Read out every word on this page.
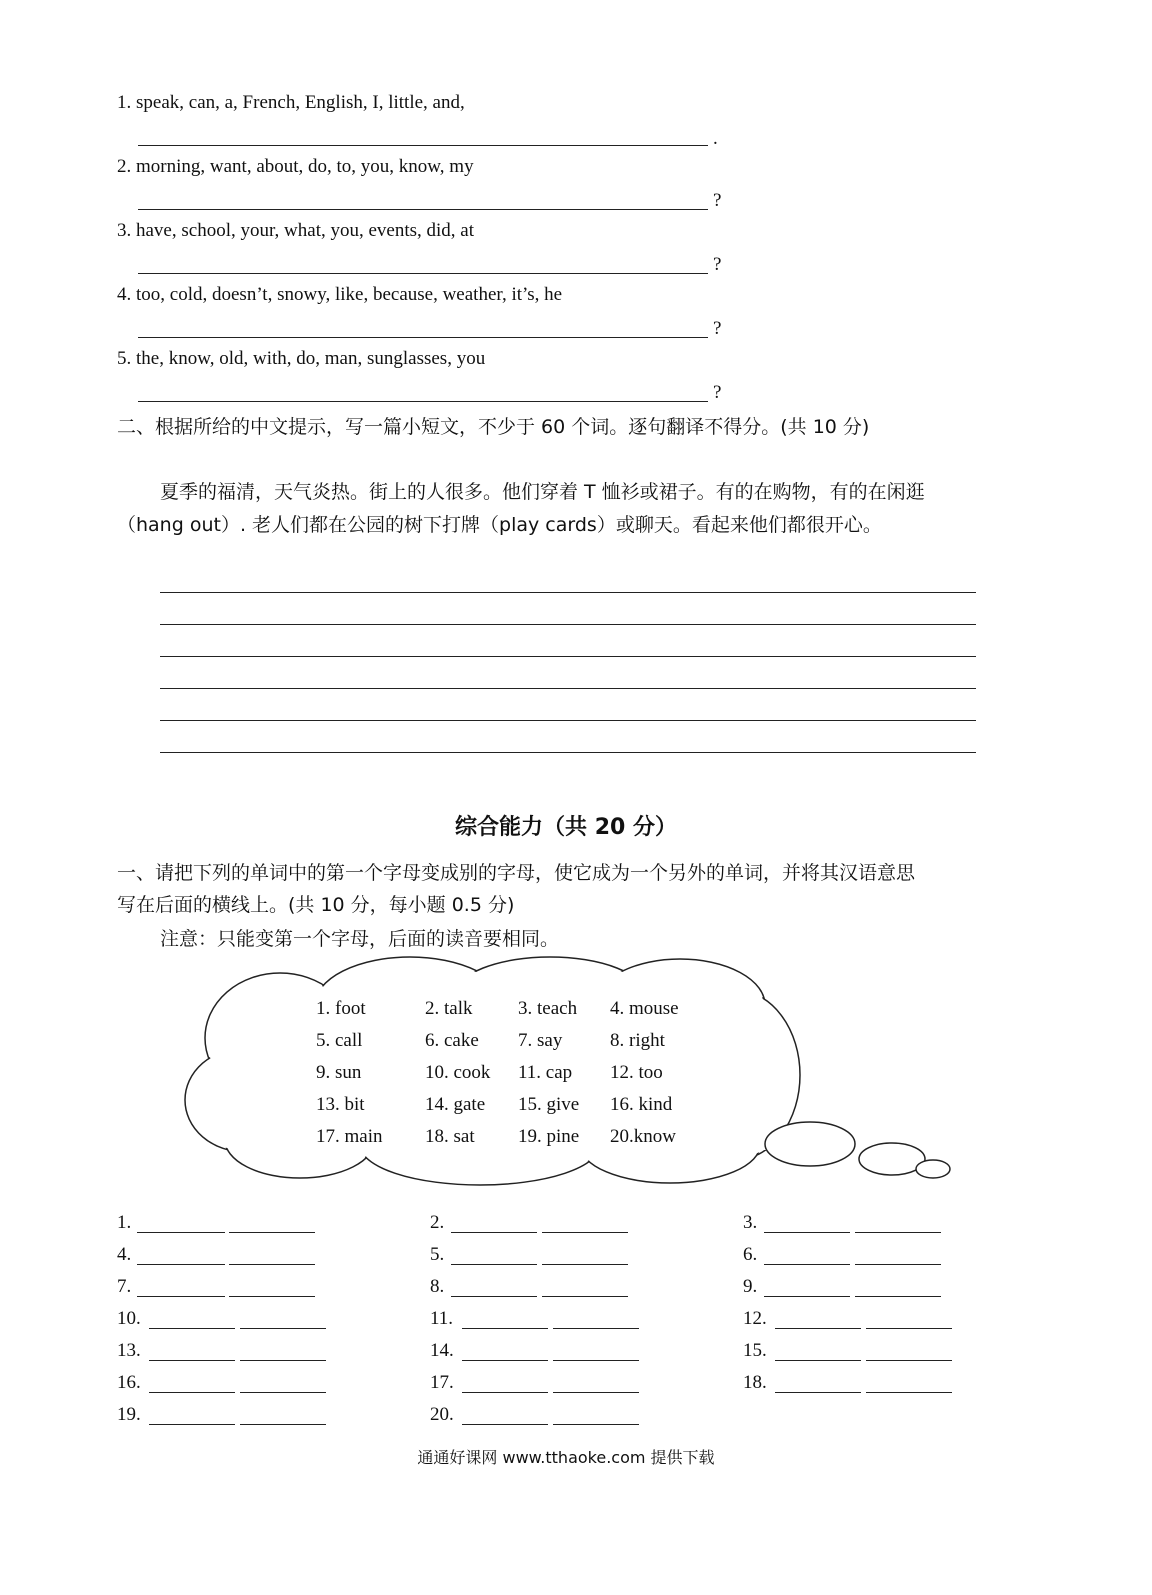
1. speak, can, a, French, English, I, little, and,
.
2. morning, want, about, do, to, you, know, my
?
3. have, school, your, what, you, events, did, at
?
4. too, cold, doesn’t, snowy, like, because, weather, it’s, he
?
5. the, know, old, with, do, man, sunglasses, you
?
二、根据所给的中文提示，写一篇小短文，不少于 60 个词。逐句翻译不得分。(共 10 分)
夏季的福清，天气炎热。街上的人很多。他们穿着 T 恤衫或裙子。有的在购物，有的在闲逛
（hang out）. 老人们都在公园的树下打牌（play cards）或聊天。看起来他们都很开心。
综合能力（共 20 分）
一、请把下列的单词中的第一个字母变成别的字母，使它成为一个另外的单词，并将其汉语意思
写在后面的横线上。(共 10 分，每小题 0.5 分)
注意：只能变第一个字母，后面的读音要相同。
1. foot	2. talk 3. teach 4. mouse
5. call	6. cake 7. say	8. right
9. sun	10. cook 11. cap 12. too
13. bit	14. gate 15. give 16. kind
17. main 18. sat 19. pine 20.know
1.	2.	3.
4.	5.	6.
7.	8.	9.
10.	11.	12.
13.	14.	15.
16.	17.	18.
19.	20.
通通好课网 www.tthaoke.com 提供下载
